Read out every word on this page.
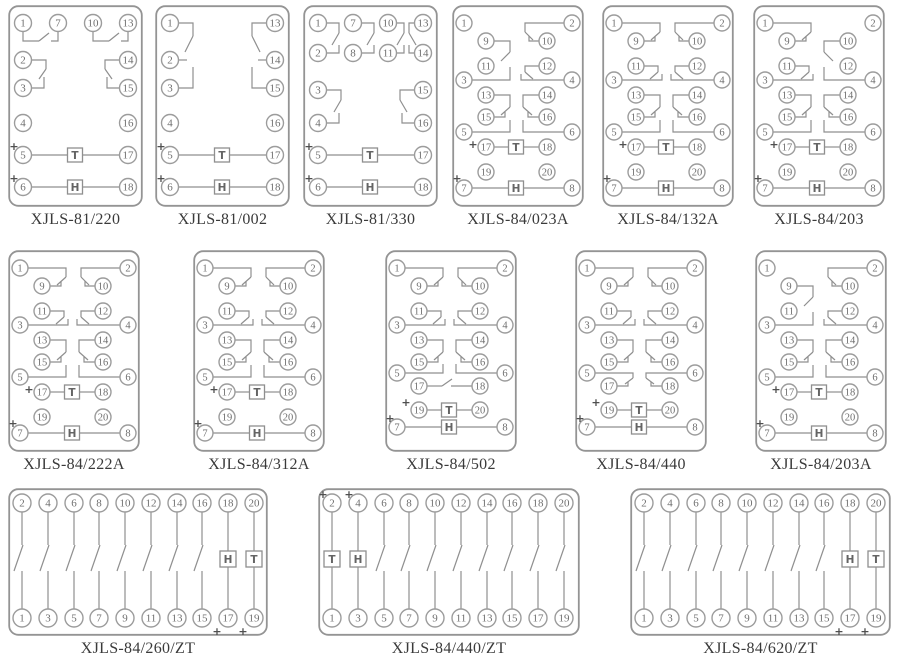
T
H
1	7 10 13
2	14
3	15
4	16
5	17
6	18
+
+
XJLS-81/220
T
H
1	13
2	14
3	15
4	16
5	17
6	18
+
+
XJLS-81/002
T
H
1	7 10 13
2	8 11 14
3	15
4	16
5	17
6	18
+
+
XJLS-81/330
T
H
1	2
9	10
11	12
3	4
13	14
15	16
5	6
17	18
19	20
7	8
+
+
XJLS-84/023A
T
H
1	2
9	10
11	12
3	4
13	14
15	16
5	6
17	18
19	20
7	8
+
+
XJLS-84/132A
T
H
1	2
9	10
11	12
3	4
13	14
15	16
5	6
17	18
19	20
7	8
+
+
XJLS-84/203
T
H
1	2
9	10
11	12
3	4
13	14
15	16
5	6
17	18
19	20
7	8
+
+
XJLS-84/222A
T
H
1	2
9	10
11	12
3	4
13	14
15	16
5	6
17	18
19	20
7	8
+
+
XJLS-84/312A
T
H
1	2
9	10
11	12
3	4
13	14
15	16
5	6
17	18
19	20
7	8
+
+
XJLS-84/502
T
H
1	2
9	10
11	12
3	4
13	14
15	16
5	6
17	18
19	20
7	8
+
+
XJLS-84/440
T
H
1	2
9	10
11	12
3	4
13	14
15	16
5	6
17	18
19	20
7	8
+
+
XJLS-84/203A
H T
2 4 6 8 10 12 14 16 18 20
1 3 5 7 9 11 13 15 17 19
+ +
XJLS-84/260/ZT
T H
2 4 6 8 10 12 14 16 18 20
1 3 5 7 9 11 13 15 17 19
+ +
XJLS-84/440/ZT
H T
2 4 6 8 10 12 14 16 18 20
1 3 5 7 9 11 13 15 17 19
+ +
XJLS-84/620/ZT
